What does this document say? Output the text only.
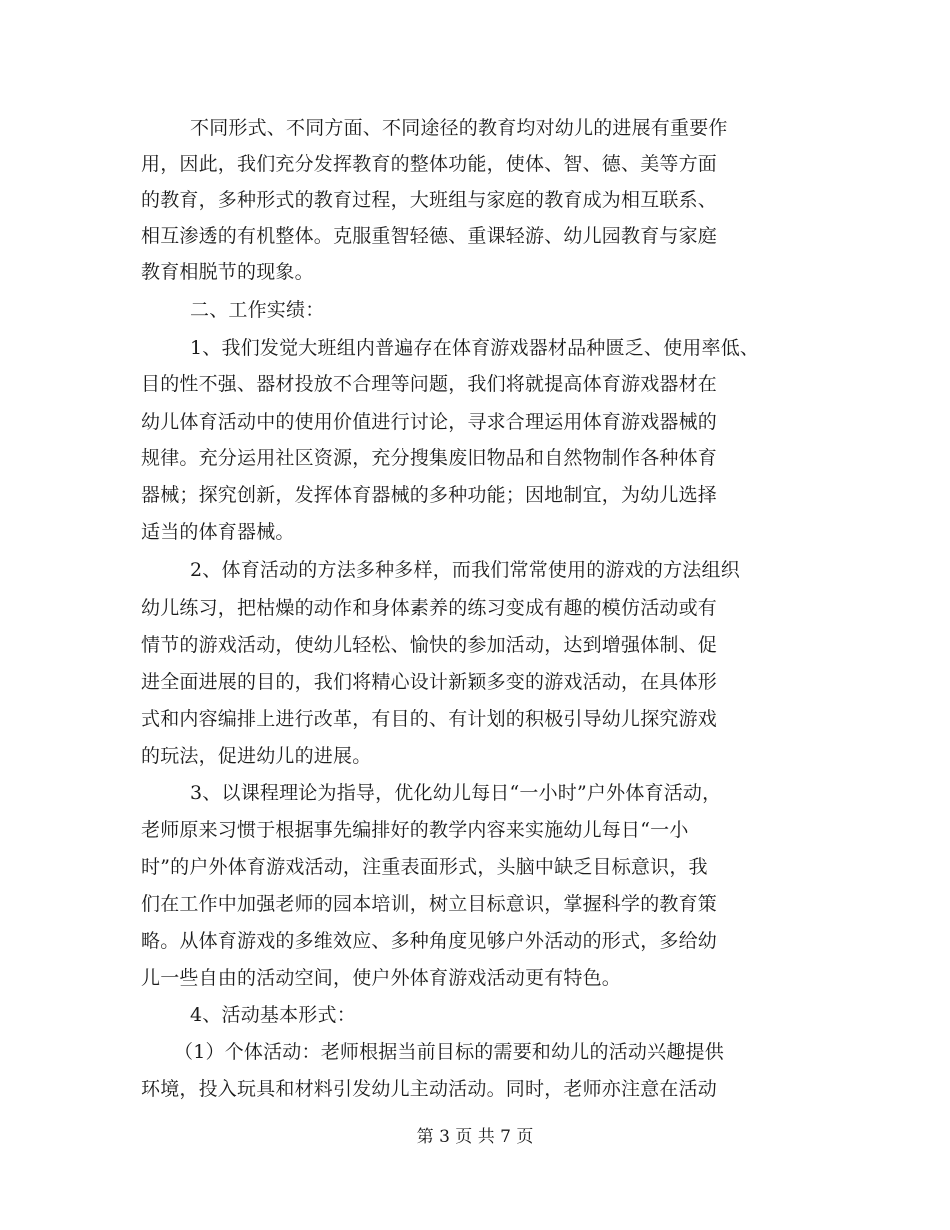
不同形式、不同方面、不同途径的教育均对幼儿的进展有重要作
用，因此，我们充分发挥教育的整体功能，使体、智、德、美等方面
的教育，多种形式的教育过程，大班组与家庭的教育成为相互联系、
相互渗透的有机整体。克服重智轻德、重课轻游、幼儿园教育与家庭
教育相脱节的现象。
二、工作实绩：
1、我们发觉大班组内普遍存在体育游戏器材品种匮乏、使用率低、
目的性不强、器材投放不合理等问题，我们将就提高体育游戏器材在
幼儿体育活动中的使用价值进行讨论，寻求合理运用体育游戏器械的
规律。充分运用社区资源，充分搜集废旧物品和自然物制作各种体育
器械；探究创新，发挥体育器械的多种功能；因地制宜，为幼儿选择
适当的体育器械。
2、体育活动的方法多种多样，而我们常常使用的游戏的方法组织
幼儿练习，把枯燥的动作和身体素养的练习变成有趣的模仿活动或有
情节的游戏活动，使幼儿轻松、愉快的参加活动，达到增强体制、促
进全面进展的目的，我们将精心设计新颖多变的游戏活动，在具体形
式和内容编排上进行改革，有目的、有计划的积极引导幼儿探究游戏
的玩法，促进幼儿的进展。
3、以课程理论为指导，优化幼儿每日“一小时”户外体育活动，
老师原来习惯于根据事先编排好的教学内容来实施幼儿每日“一小
时”的户外体育游戏活动，注重表面形式，头脑中缺乏目标意识，我
们在工作中加强老师的园本培训，树立目标意识，掌握科学的教育策
略。从体育游戏的多维效应、多种角度见够户外活动的形式，多给幼
儿一些自由的活动空间，使户外体育游戏活动更有特色。
4、活动基本形式：
（1）个体活动：老师根据当前目标的需要和幼儿的活动兴趣提供
环境，投入玩具和材料引发幼儿主动活动。同时，老师亦注意在活动
第 3 页 共 7 页
